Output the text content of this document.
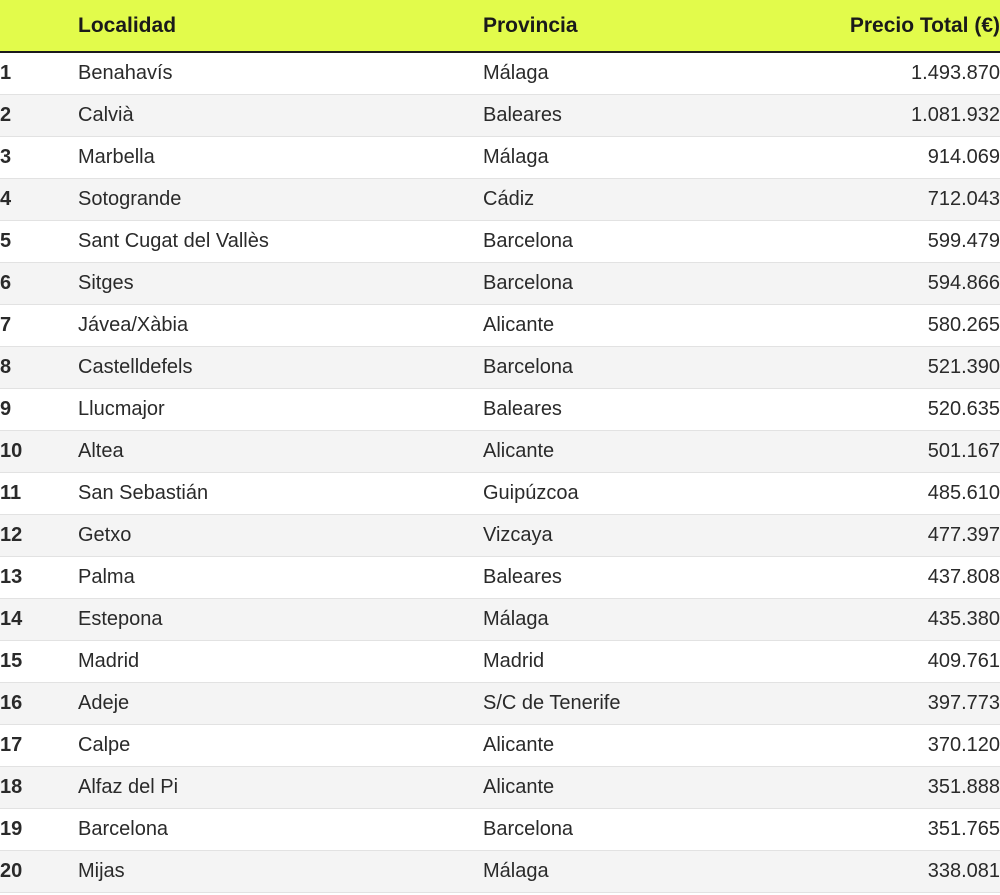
	Localidad	Provincia	Precio Total (€)
1	Benahavís	Málaga	1.493.870
2	Calvià	Baleares	1.081.932
3	Marbella	Málaga	914.069
4	Sotogrande	Cádiz	712.043
5	Sant Cugat del Vallès	Barcelona	599.479
6	Sitges	Barcelona	594.866
7	Jávea/Xàbia	Alicante	580.265
8	Castelldefels	Barcelona	521.390
9	Llucmajor	Baleares	520.635
10	Altea	Alicante	501.167
11	San Sebastián	Guipúzcoa	485.610
12	Getxo	Vizcaya	477.397
13	Palma	Baleares	437.808
14	Estepona	Málaga	435.380
15	Madrid	Madrid	409.761
16	Adeje	S/C de Tenerife	397.773
17	Calpe	Alicante	370.120
18	Alfaz del Pi	Alicante	351.888
19	Barcelona	Barcelona	351.765
20	Mijas	Málaga	338.081
